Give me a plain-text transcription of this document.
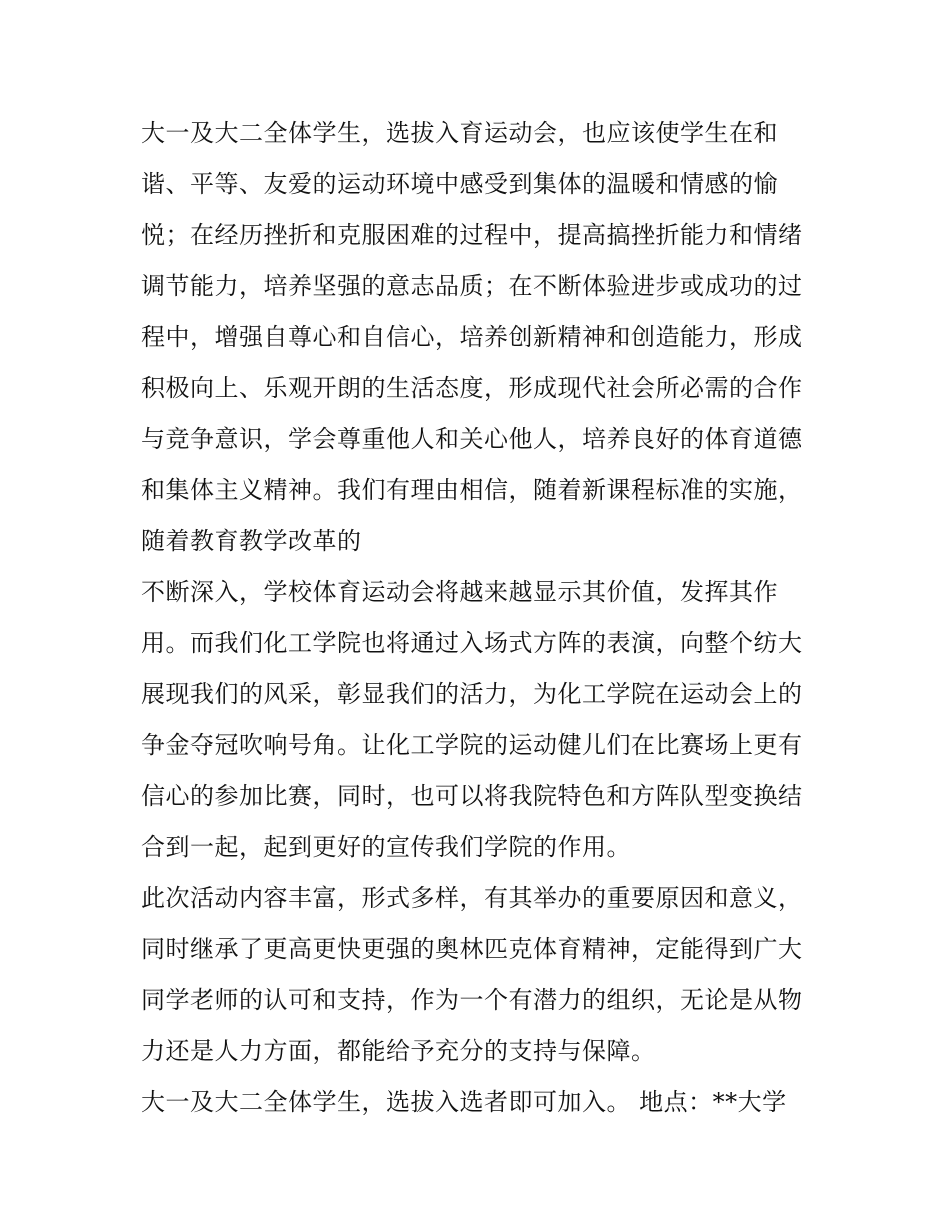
大一及大二全体学生，选拔入育运动会，也应该使学生在和

谐、平等、友爱的运动环境中感受到集体的温暖和情感的愉

悦；在经历挫折和克服困难的过程中，提高搞挫折能力和情绪

调节能力，培养坚强的意志品质；在不断体验进步或成功的过

程中，增强自尊心和自信心，培养创新精神和创造能力，形成

积极向上、乐观开朗的生活态度，形成现代社会所必需的合作

与竞争意识，学会尊重他人和关心他人，培养良好的体育道德

和集体主义精神。我们有理由相信，随着新课程标准的实施，

随着教育教学改革的

不断深入，学校体育运动会将越来越显示其价值，发挥其作

用。而我们化工学院也将通过入场式方阵的表演，向整个纺大

展现我们的风采，彰显我们的活力，为化工学院在运动会上的

争金夺冠吹响号角。让化工学院的运动健儿们在比赛场上更有

信心的参加比赛，同时，也可以将我院特色和方阵队型变换结

合到一起，起到更好的宣传我们学院的作用。

此次活动内容丰富，形式多样，有其举办的重要原因和意义，

同时继承了更高更快更强的奥林匹克体育精神，定能得到广大

同学老师的认可和支持，作为一个有潜力的组织，无论是从物

力还是人力方面，都能给予充分的支持与保障。

大一及大二全体学生，选拔入选者即可加入。 地点：**大学
